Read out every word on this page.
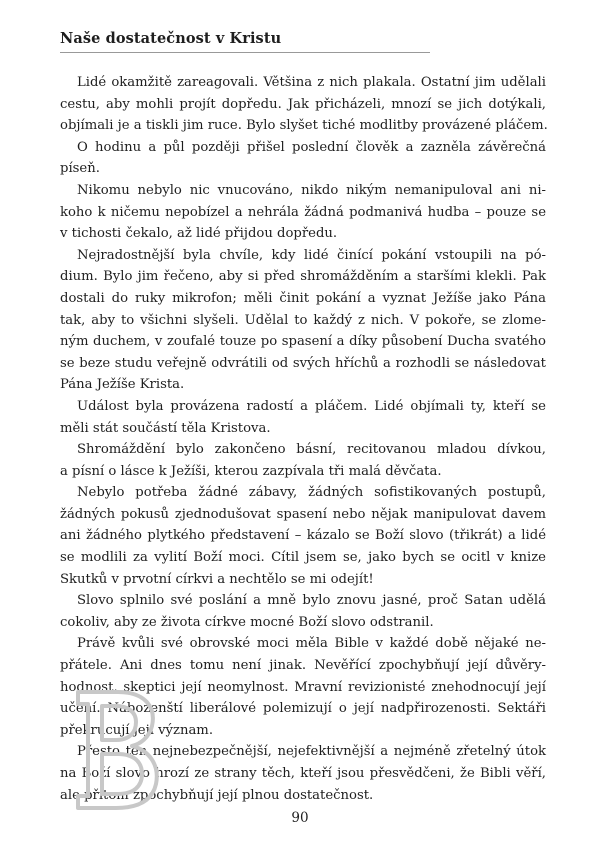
Naše dostatečnost v Kristu
Lidé okamžitě zareagovali. Většina z nich plakala. Ostatní jim udělali
cestu, aby mohli projít dopředu. Jak přicházeli, mnozí se jich dotýkali,
objímali je a tiskli jim ruce. Bylo slyšet tiché modlitby provázené pláčem.
O hodinu a půl později přišel poslední člověk a zazněla závěrečná
píseň.
Nikomu nebylo nic vnucováno, nikdo nikým nemanipuloval ani ni-
koho k ničemu nepobízel a nehrála žádná podmanivá hudba – pouze se
v tichosti čekalo, až lidé přijdou dopředu.
Nejradostnější byla chvíle, kdy lidé činící pokání vstoupili na pó-
dium. Bylo jim řečeno, aby si před shromážděním a staršími klekli. Pak
dostali do ruky mikrofon; měli činit pokání a vyznat Ježíše jako Pána
tak, aby to všichni slyšeli. Udělal to každý z nich. V pokoře, se zlome-
ným duchem, v zoufalé touze po spasení a díky působení Ducha svatého
se beze studu veřejně odvrátili od svých hříchů a rozhodli se následovat
Pána Ježíše Krista.
Událost byla provázena radostí a pláčem. Lidé objímali ty, kteří se
měli stát součástí těla Kristova.
Shromáždění bylo zakončeno básní, recitovanou mladou dívkou,
a písní o lásce k Ježíši, kterou zazpívala tři malá děvčata.
Nebylo potřeba žádné zábavy, žádných sofistikovaných postupů,
žádných pokusů zjednodušovat spasení nebo nějak manipulovat davem
ani žádného plytkého představení – kázalo se Boží slovo (třikrát) a lidé
se modlili za vylití Boží moci. Cítil jsem se, jako bych se ocitl v knize
Skutků v prvotní církvi a nechtělo se mi odejít!
Slovo splnilo své poslání a mně bylo znovu jasné, proč Satan udělá
cokoliv, aby ze života církve mocné Boží slovo odstranil.
Právě kvůli své obrovské moci měla Bible v každé době nějaké ne-
přátele. Ani dnes tomu není jinak. Nevěřící zpochybňují její důvěry-
hodnost, skeptici její neomylnost. Mravní revizionisté znehodnocují její
učení. Náboženští liberálové polemizují o její nadpřirozenosti. Sektáři
překrucují její význam.
Přesto ten nejnebezpečnější, nejefektivnější a nejméně zřetelný útok
na Boží slovo hrozí ze strany těch, kteří jsou přesvědčeni, že Bibli věří,
ale přitom zpochybňují její plnou dostatečnost.
90
